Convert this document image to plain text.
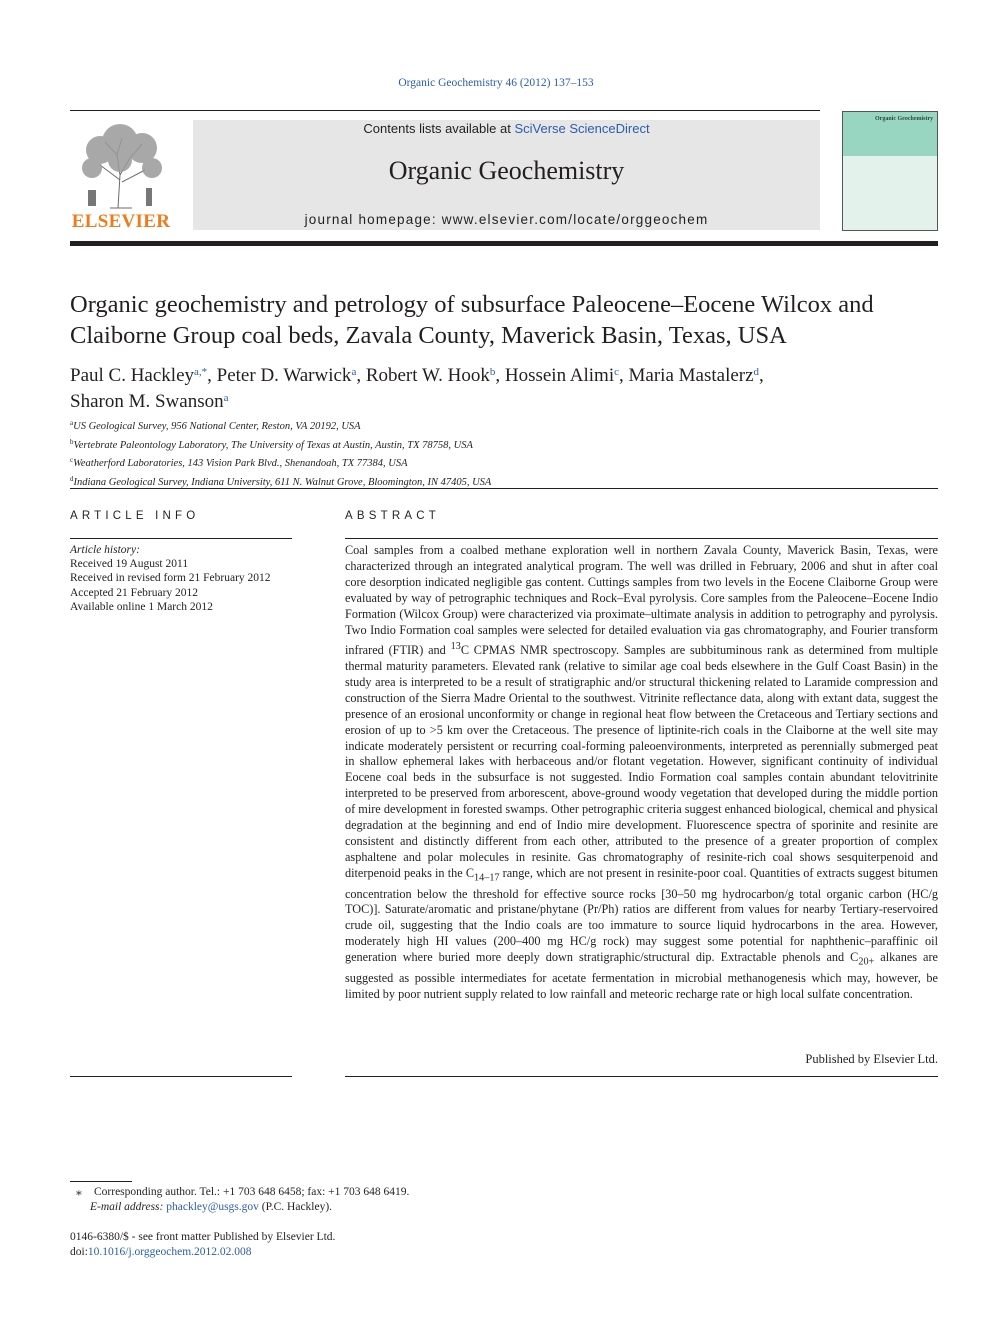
Organic Geochemistry 46 (2012) 137–153
ELSEVIER
Contents lists available at SciVerse ScienceDirect
Organic Geochemistry
journal homepage: www.elsevier.com/locate/orggeochem
Organic Geochemistry
Organic geochemistry and petrology of subsurface Paleocene–Eocene Wilcox and Claiborne Group coal beds, Zavala County, Maverick Basin, Texas, USA
Paul C. Hackley$^{a,*}$, Peter D. Warwick$^a$, Robert W. Hook$^b$, Hossein Alimi$^c$, Maria Mastalerz$^d$,
Sharon M. Swanson$^a$
$^a$US Geological Survey, 956 National Center, Reston, VA 20192, USA
$^b$Vertebrate Paleontology Laboratory, The University of Texas at Austin, Austin, TX 78758, USA
$^c$Weatherford Laboratories, 143 Vision Park Blvd., Shenandoah, TX 77384, USA
$^d$Indiana Geological Survey, Indiana University, 611 N. Walnut Grove, Bloomington, IN 47405, USA
ARTICLE INFO
Article history:
Received 19 August 2011
Received in revised form 21 February 2012
Accepted 21 February 2012
Available online 1 March 2012
ABSTRACT
Coal samples from a coalbed methane exploration well in northern Zavala County, Maverick Basin, Texas, were characterized through an integrated analytical program. The well was drilled in February, 2006 and shut in after coal core desorption indicated negligible gas content. Cuttings samples from two levels in the Eocene Claiborne Group were evaluated by way of petrographic techniques and Rock–Eval pyrolysis. Core samples from the Paleocene–Eocene Indio Formation (Wilcox Group) were characterized via proximate–ultimate analysis in addition to petrography and pyrolysis. Two Indio Formation coal samples were selected for detailed evaluation via gas chromatography, and Fourier transform infrared (FTIR) and $^{13}$C CPMAS NMR spectroscopy. Samples are subbituminous rank as determined from multiple thermal maturity parameters. Elevated rank (relative to similar age coal beds elsewhere in the Gulf Coast Basin) in the study area is interpreted to be a result of stratigraphic and/or structural thickening related to Laramide compression and construction of the Sierra Madre Oriental to the southwest. Vitrinite reflectance data, along with extant data, suggest the presence of an erosional unconformity or change in regional heat flow between the Cretaceous and Tertiary sections and erosion of up to >5 km over the Cretaceous. The presence of liptinite-rich coals in the Claiborne at the well site may indicate moderately persistent or recurring coal-forming paleoenvironments, interpreted as perennially submerged peat in shallow ephemeral lakes with herbaceous and/or flotant vegetation. However, significant continuity of individual Eocene coal beds in the subsurface is not suggested. Indio Formation coal samples contain abundant telovitrinite interpreted to be preserved from arborescent, above-ground woody vegetation that developed during the middle portion of mire development in forested swamps. Other petrographic criteria suggest enhanced biological, chemical and physical degradation at the beginning and end of Indio mire development. Fluorescence spectra of sporinite and resinite are consistent and distinctly different from each other, attributed to the presence of a greater proportion of complex asphaltene and polar molecules in resinite. Gas chromatography of resinite-rich coal shows sesquiterpenoid and diterpenoid peaks in the $C_{14-17}$ range, which are not present in resinite-poor coal. Quantities of extracts suggest bitumen concentration below the threshold for effective source rocks [30–50 mg hydrocarbon/g total organic carbon (HC/g TOC)]. Saturate/aromatic and pristane/phytane (Pr/Ph) ratios are different from values for nearby Tertiary-reservoired crude oil, suggesting that the Indio coals are too immature to source liquid hydrocarbons in the area. However, moderately high HI values (200–400 mg HC/g rock) may suggest some potential for naphthenic–paraffinic oil generation where buried more deeply down stratigraphic/structural dip. Extractable phenols and $C_{20+}$ alkanes are suggested as possible intermediates for acetate fermentation in microbial methanogenesis which may, however, be limited by poor nutrient supply related to low rainfall and meteoric recharge rate or high local sulfate concentration.
Published by Elsevier Ltd.
⁎ Corresponding author. Tel.: +1 703 648 6458; fax: +1 703 648 6419.
E-mail address: phackley@usgs.gov (P.C. Hackley).
0146-6380/$ - see front matter Published by Elsevier Ltd.
doi:10.1016/j.orggeochem.2012.02.008
